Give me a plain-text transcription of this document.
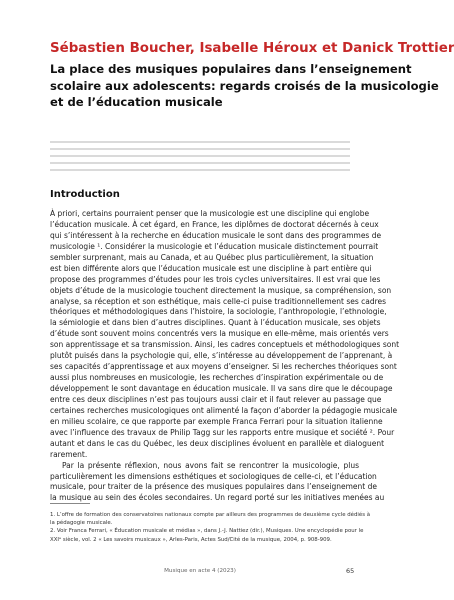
Sébastien Boucher, Isabelle Héroux et Danick Trottier
La place des musiques populaires dans l’enseignement
scolaire aux adolescents: regards croisés de la musicologie
et de l’éducation musicale
Introduction
À priori, certains pourraient penser que la musicologie est une discipline qui englobe
l’éducation musicale. À cet égard, en France, les diplômes de doctorat décernés à ceux
qui s’intéressent à la recherche en éducation musicale le sont dans des programmes de
musicologie ¹. Considérer la musicologie et l’éducation musicale distinctement pourrait
sembler surprenant, mais au Canada, et au Québec plus particulièrement, la situation
est bien différente alors que l’éducation musicale est une discipline à part entière qui
propose des programmes d’études pour les trois cycles universitaires. Il est vrai que les
objets d’étude de la musicologie touchent directement la musique, sa compréhension, son
analyse, sa réception et son esthétique, mais celle-ci puise traditionnellement ses cadres
théoriques et méthodologiques dans l’histoire, la sociologie, l’anthropologie, l’ethnologie,
la sémiologie et dans bien d’autres disciplines. Quant à l’éducation musicale, ses objets
d’étude sont souvent moins concentrés vers la musique en elle-même, mais orientés vers
son apprentissage et sa transmission. Ainsi, les cadres conceptuels et méthodologiques sont
plutôt puisés dans la psychologie qui, elle, s’intéresse au développement de l’apprenant, à
ses capacités d’apprentissage et aux moyens d’enseigner. Si les recherches théoriques sont
aussi plus nombreuses en musicologie, les recherches d’inspiration expérimentale ou de
développement le sont davantage en éducation musicale. Il va sans dire que le découpage
entre ces deux disciplines n’est pas toujours aussi clair et il faut relever au passage que
certaines recherches musicologiques ont alimenté la façon d’aborder la pédagogie musicale
en milieu scolaire, ce que rapporte par exemple Franca Ferrari pour la situation italienne
avec l’influence des travaux de Philip Tagg sur les rapports entre musique et société ². Pour
autant et dans le cas du Québec, les deux disciplines évoluent en parallèle et dialoguent
rarement.
Par la présente réflexion, nous avons fait se rencontrer la musicologie, plus
particulièrement les dimensions esthétiques et sociologiques de celle-ci, et l’éducation
musicale, pour traiter de la présence des musiques populaires dans l’enseignement de
la musique au sein des écoles secondaires. Un regard porté sur les initiatives menées au
1. L’offre de formation des conservatoires nationaux compte par ailleurs des programmes de deuxième cycle dédiés à
la pédagogie musicale.
2. Voir Franca Ferrari, « Éducation musicale et médias », dans J.-J. Nattiez (dir.), Musiques. Une encyclopédie pour le
XXIᵉ siècle, vol. 2 « Les savoirs musicaux », Arles-Paris, Actes Sud/Cité de la musique, 2004, p. 908-909.
Musique en acte 4 (2023)	65
